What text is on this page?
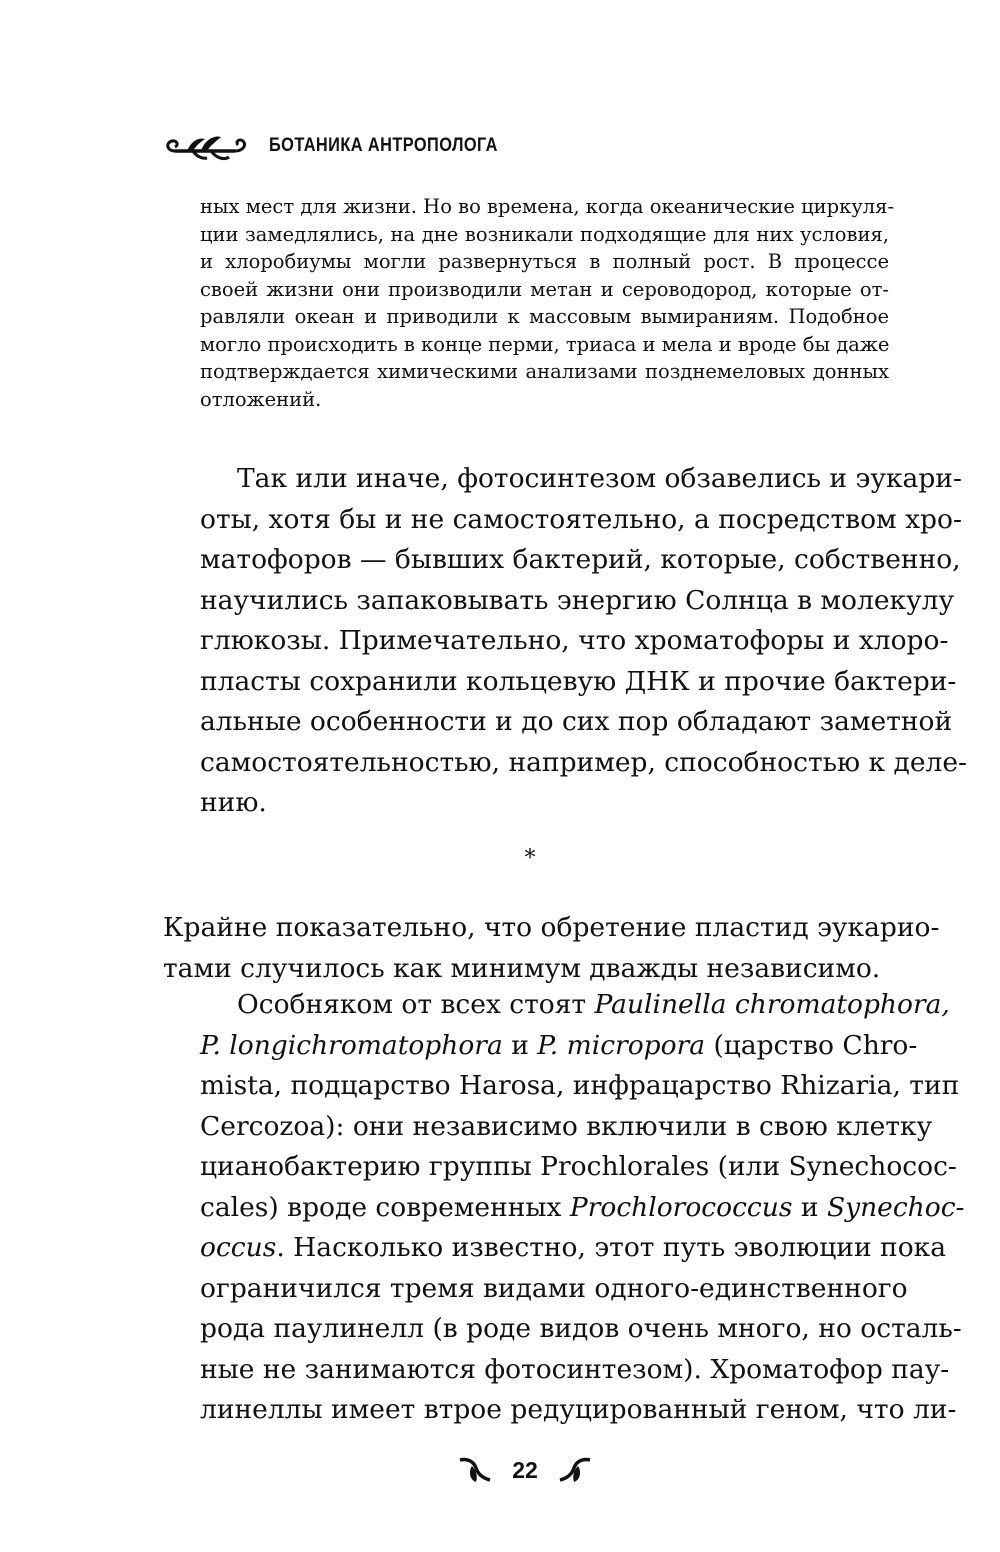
БОТАНИКА АНТРОПОЛОГА
ных мест для жизни. Но во времена, когда океанические циркуля-
ции замедлялись, на дне возникали подходящие для них условия,
и хлоробиумы могли развернуться в полный рост. В процессе
своей жизни они производили метан и сероводород, которые от-
равляли океан и приводили к массовым вымираниям. Подобное
могло происходить в конце перми, триаса и мела и вроде бы даже
подтверждается химическими анализами позднемеловых донных
отложений.
Так или иначе, фотосинтезом обзавелись и эукари-
оты, хотя бы и не самостоятельно, а посредством хро-
матофоров — бывших бактерий, которые, собственно,
научились запаковывать энергию Солнца в молекулу
глюкозы. Примечательно, что хроматофоры и хлоро-
пласты сохранили кольцевую ДНК и прочие бактери-
альные особенности и до сих пор обладают заметной
самостоятельностью, например, способностью к деле-
нию.
*
Крайне показательно, что обретение пластид эукарио-
тами случилось как минимум дважды независимо.
Особняком от всех стоят Paulinella chromatophora,
P. longichromatophora и P. micropora (царство Chro-
mista, подцарство Harosa, инфрацарство Rhizaria, тип
Cercozoa): они независимо включили в свою клетку
цианобактерию группы Prochlorales (или Synechococ-
cales) вроде современных Prochlorococcus и Synechoc-
occus. Насколько известно, этот путь эволюции пока
ограничился тремя видами одного-единственного
рода паулинелл (в роде видов очень много, но осталь-
ные не занимаются фотосинтезом). Хроматофор пау-
линеллы имеет втрое редуцированный геном, что ли-
22
